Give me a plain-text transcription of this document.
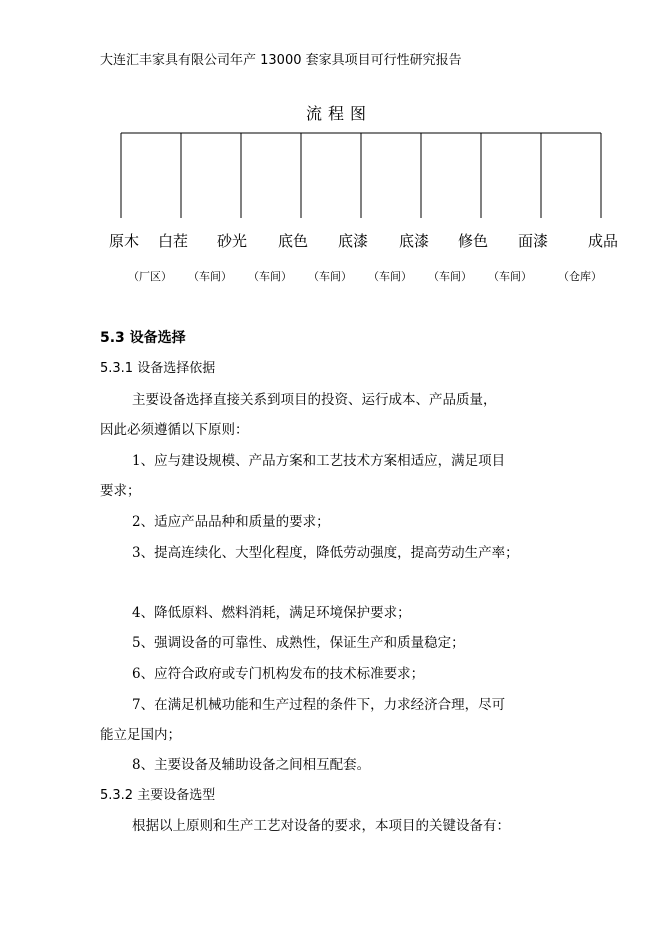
大连汇丰家具有限公司年产 13000 套家具项目可行性研究报告
流程图
原木 白茬 砂光 底色 底漆 底漆 修色 面漆	成品
（厂区） （车间） （车间） （车间） （车间） （车间） （车间） （仓库）
5.3 设备选择
5.3.1 设备选择依据
主要设备选择直接关系到项目的投资、运行成本、产品质量，
因此必须遵循以下原则：
1、应与建设规模、产品方案和工艺技术方案相适应，满足项目
要求；
2、适应产品品种和质量的要求；
3、提高连续化、大型化程度，降低劳动强度，提高劳动生产率；
4、降低原料、燃料消耗，满足环境保护要求；
5、强调设备的可靠性、成熟性，保证生产和质量稳定；
6、应符合政府或专门机构发布的技术标准要求；
7、在满足机械功能和生产过程的条件下，力求经济合理，尽可
能立足国内；
8、主要设备及辅助设备之间相互配套。
5.3.2 主要设备选型
根据以上原则和生产工艺对设备的要求，本项目的关键设备有：
